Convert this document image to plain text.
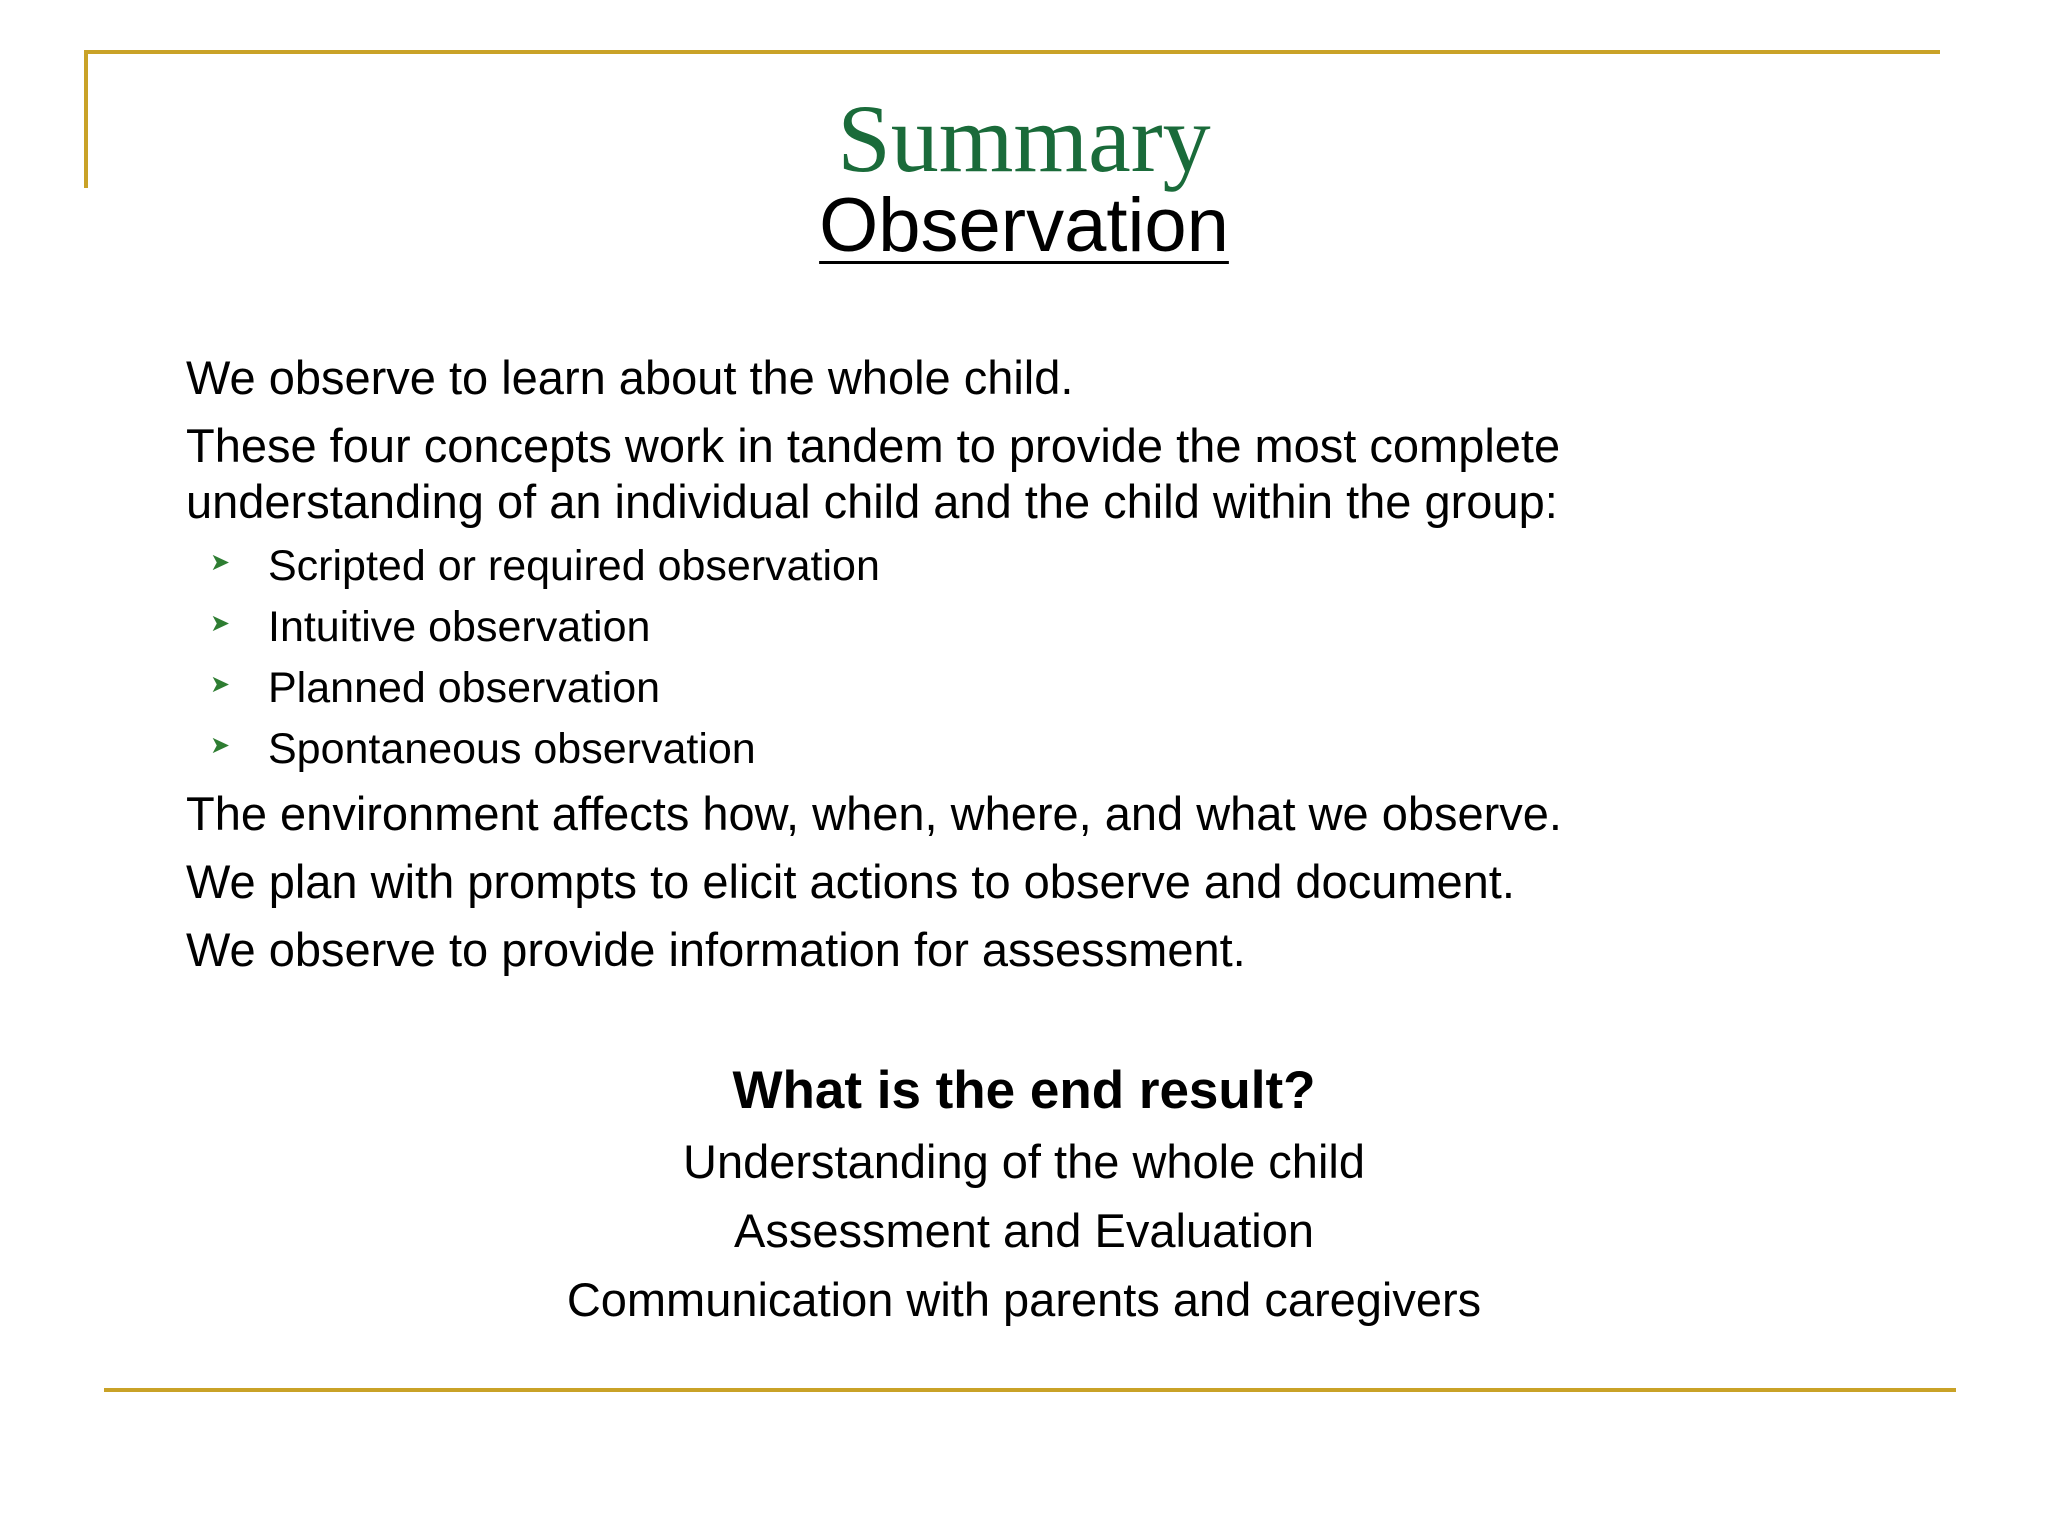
Summary
Observation
We observe to learn about the whole child.
These four concepts work in tandem to provide the most complete
understanding of an individual child and the child within the group:
➤ Scripted or required observation
➤ Intuitive observation
➤ Planned observation
➤ Spontaneous observation
The environment affects how, when, where, and what we observe.
We plan with prompts to elicit actions to observe and document.
We observe to provide information for assessment.
What is the end result?
Understanding of the whole child
Assessment and Evaluation
Communication with parents and caregivers
